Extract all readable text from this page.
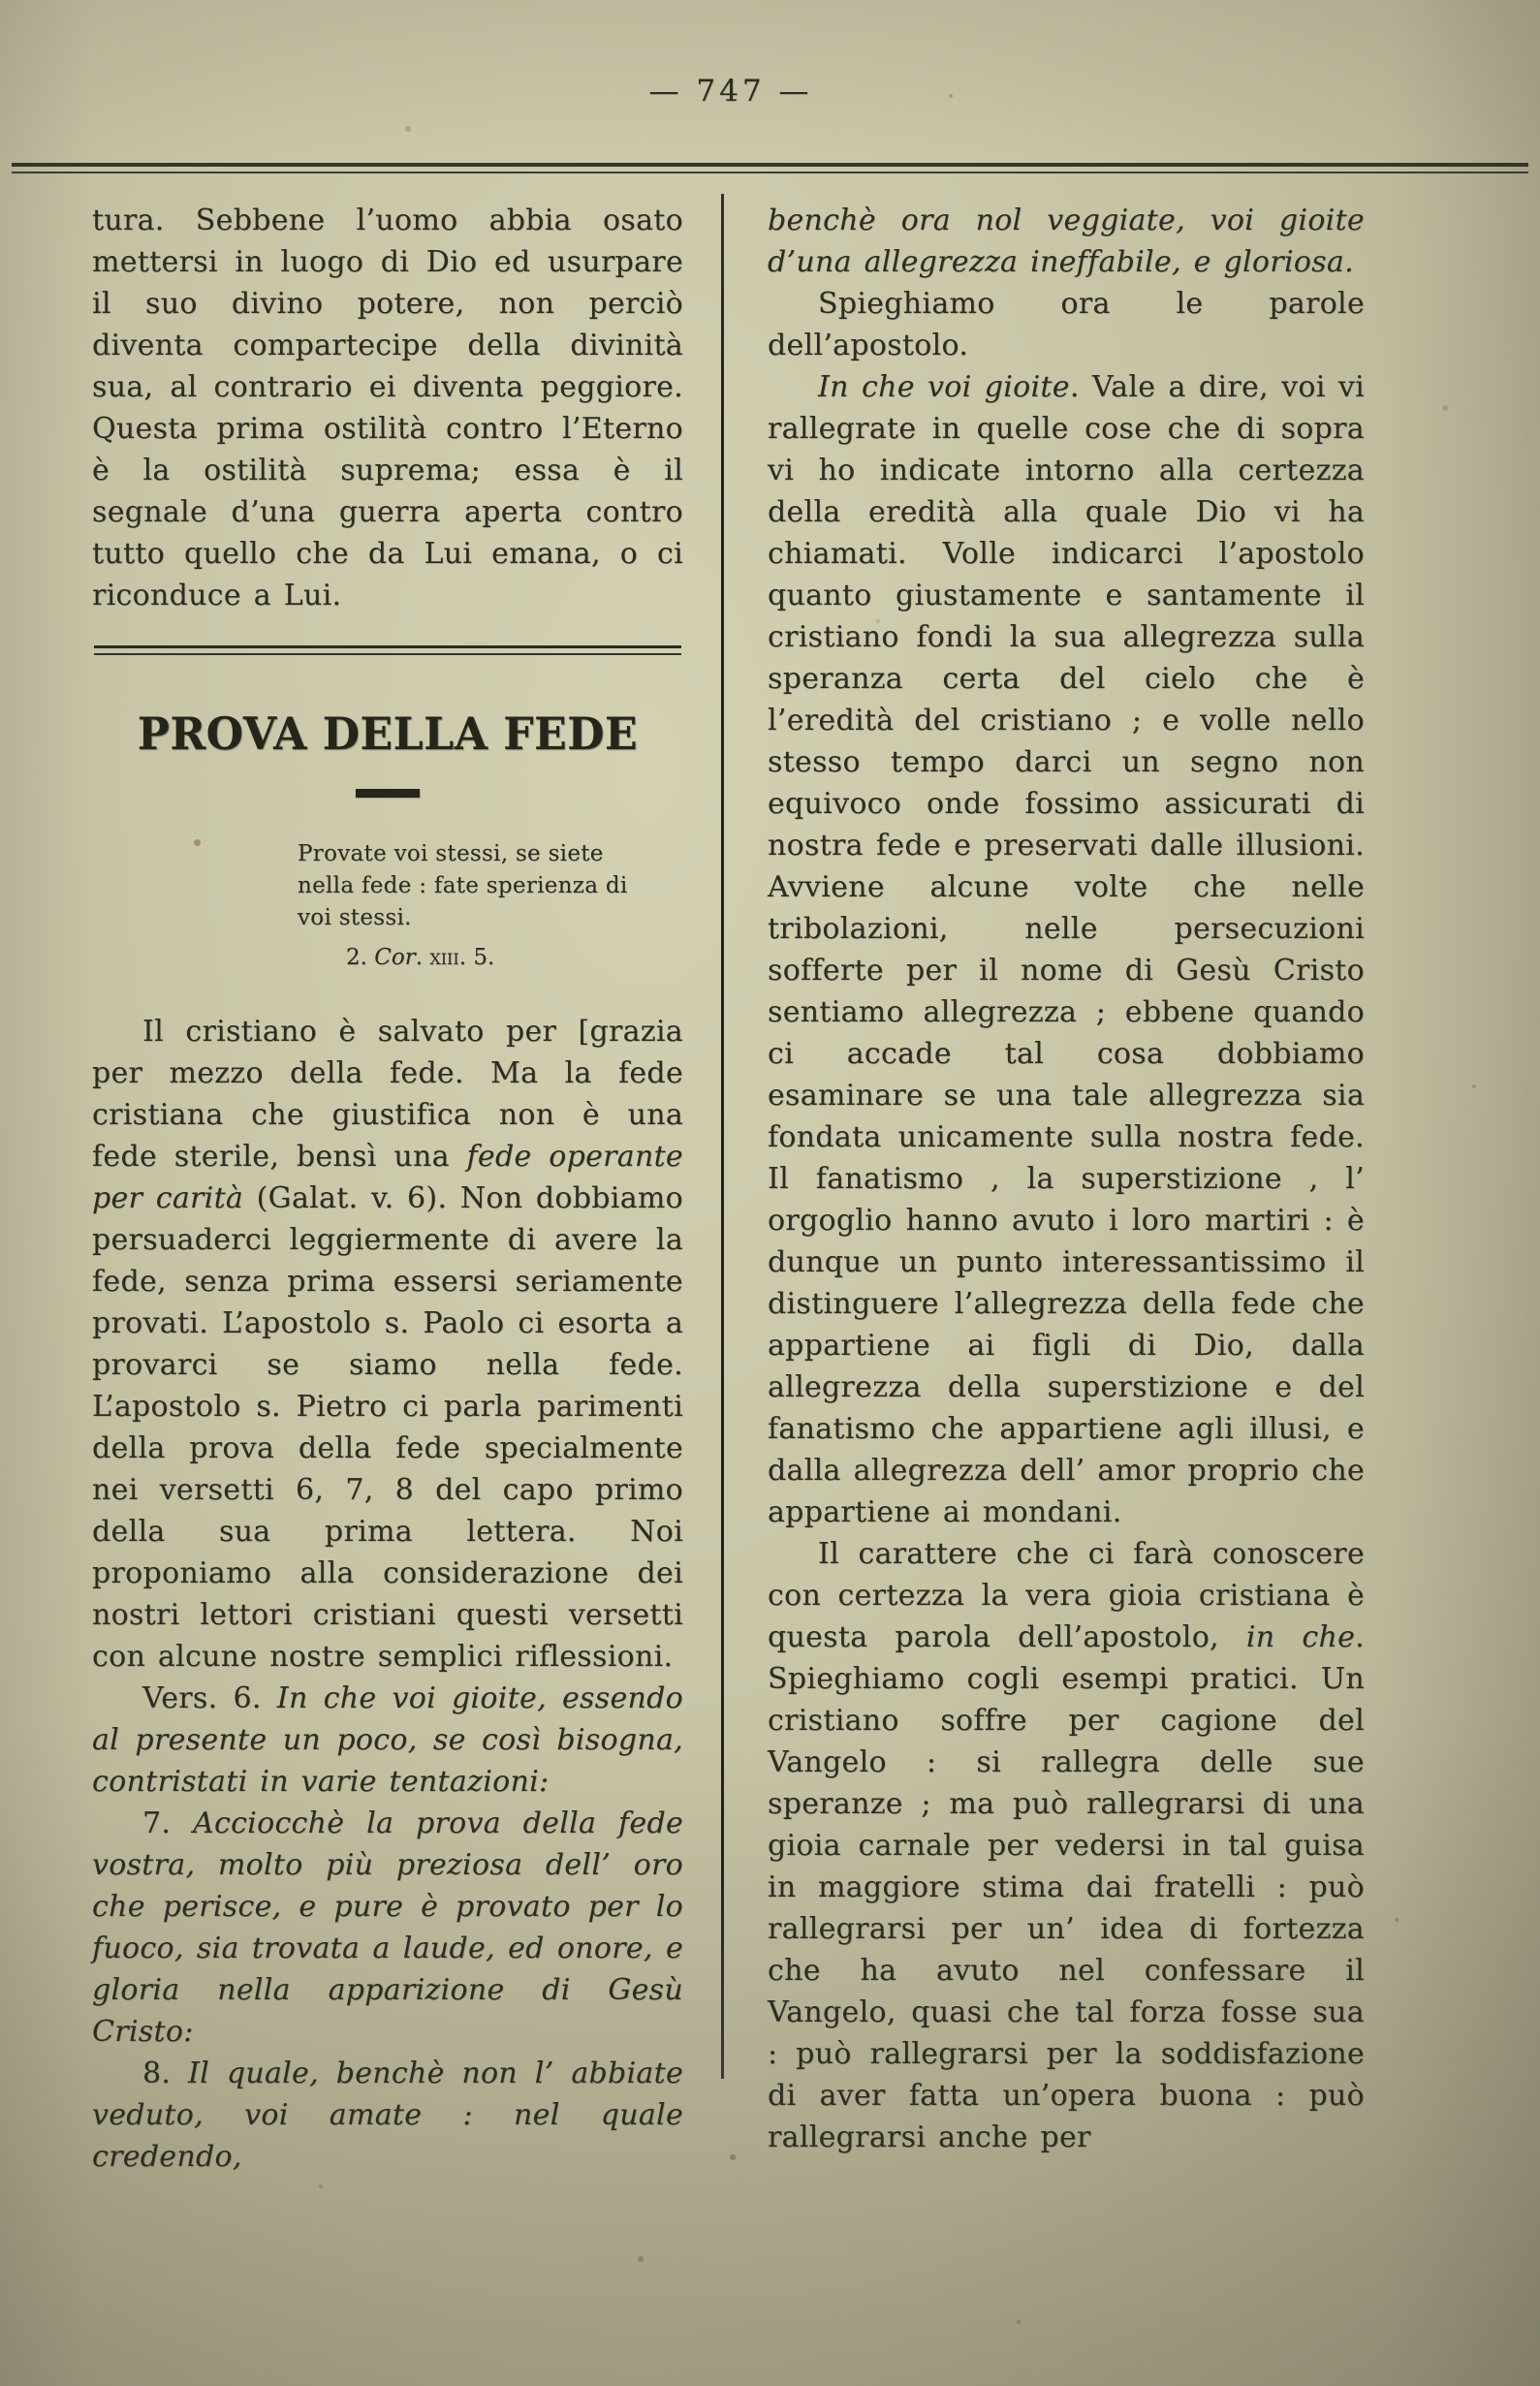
— 747 —

tura. Sebbene l’uomo abbia osato mettersi in luogo di Dio ed usurpare il suo divino potere, non perciò diventa compartecipe della divinità sua, al contrario ei diventa peggiore. Questa prima ostilità contro l’Eterno è la ostilità suprema; essa è il segnale d’una guerra aperta contro tutto quello che da Lui emana, o ci riconduce a Lui.

PROVA DELLA FEDE
Provate voi stessi, se siete
nella fede : fate sperienza di
voi stessi.
2. Cor. xiii. 5.

Il cristiano è salvato per [grazia per mezzo della fede. Ma la fede cristiana che giustifica non è una fede sterile, bensì una fede operante per carità (Galat. v. 6). Non dobbiamo persuaderci leggiermente di avere la fede, senza prima essersi seriamente provati. L’apostolo s. Paolo ci esorta a provarci se siamo nella fede. L’apostolo s. Pietro ci parla parimenti della prova della fede specialmente nei versetti 6, 7, 8 del capo primo della sua prima lettera. Noi proponiamo alla considerazione dei nostri lettori cristiani questi versetti con alcune nostre semplici riflessioni.

Vers. 6. In che voi gioite, essendo al presente un poco, se così bisogna, contristati in varie tentazioni:

7. Acciocchè la prova della fede vostra, molto più preziosa dell’ oro che perisce, e pure è provato per lo fuoco, sia trovata a laude, ed onore, e gloria nella apparizione di Gesù Cristo:

8. Il quale, benchè non l’ abbiate veduto, voi amate : nel quale credendo,

benchè ora nol veggiate, voi gioite d’una allegrezza ineffabile, e gloriosa.

Spieghiamo ora le parole dell’apostolo.

In che voi gioite. Vale a dire, voi vi rallegrate in quelle cose che di sopra vi ho indicate intorno alla certezza della eredità alla quale Dio vi ha chiamati. Volle indicarci l’apostolo quanto giustamente e santamente il cristiano fondi la sua allegrezza sulla speranza certa del cielo che è l’eredità del cristiano ; e volle nello stesso tempo darci un segno non equivoco onde fossimo assicurati di nostra fede e preservati dalle illusioni. Avviene alcune volte che nelle tribolazioni, nelle persecuzioni sofferte per il nome di Gesù Cristo sentiamo allegrezza ; ebbene quando ci accade tal cosa dobbiamo esaminare se una tale allegrezza sia fondata unicamente sulla nostra fede. Il fanatismo , la superstizione , l’ orgoglio hanno avuto i loro martiri : è dunque un punto interessantissimo il distinguere l’allegrezza della fede che appartiene ai figli di Dio, dalla allegrezza della superstizione e del fanatismo che appartiene agli illusi, e dalla allegrezza dell’ amor proprio che appartiene ai mondani.

Il carattere che ci farà conoscere con certezza la vera gioia cristiana è questa parola dell’apostolo, in che. Spieghiamo cogli esempi pratici. Un cristiano soffre per cagione del Vangelo : si rallegra delle sue speranze ; ma può rallegrarsi di una gioia carnale per vedersi in tal guisa in maggiore stima dai fratelli : può rallegrarsi per un’ idea di fortezza che ha avuto nel confessare il Vangelo, quasi che tal forza fosse sua : può rallegrarsi per la soddisfazione di aver fatta un’opera buona : può rallegrarsi anche per
